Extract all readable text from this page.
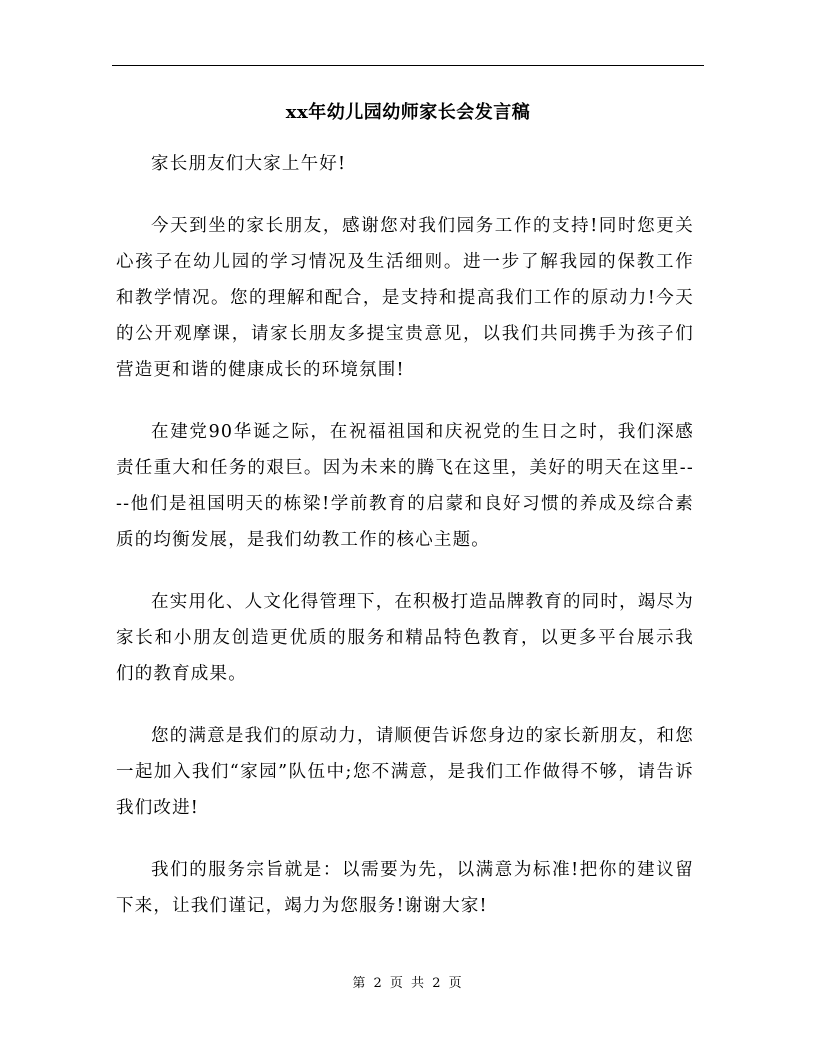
xx年幼儿园幼师家长会发言稿

家长朋友们大家上午好!

今天到坐的家长朋友，感谢您对我们园务工作的支持!同时您更关心孩子在幼儿园的学习情况及生活细则。进一步了解我园的保教工作和教学情况。您的理解和配合，是支持和提高我们工作的原动力!今天的公开观摩课，请家长朋友多提宝贵意见，以我们共同携手为孩子们营造更和谐的健康成长的环境氛围!

在建党90华诞之际，在祝福祖国和庆祝党的生日之时，我们深感责任重大和任务的艰巨。因为未来的腾飞在这里，美好的明天在这里----他们是祖国明天的栋梁!学前教育的启蒙和良好习惯的养成及综合素质的均衡发展，是我们幼教工作的核心主题。

在实用化、人文化得管理下，在积极打造品牌教育的同时，竭尽为家长和小朋友创造更优质的服务和精品特色教育，以更多平台展示我们的教育成果。

您的满意是我们的原动力，请顺便告诉您身边的家长新朋友，和您一起加入我们“家园”队伍中;您不满意，是我们工作做得不够，请告诉我们改进!

我们的服务宗旨就是：以需要为先，以满意为标准!把你的建议留下来，让我们谨记，竭力为您服务!谢谢大家!

第 2 页 共 2 页
